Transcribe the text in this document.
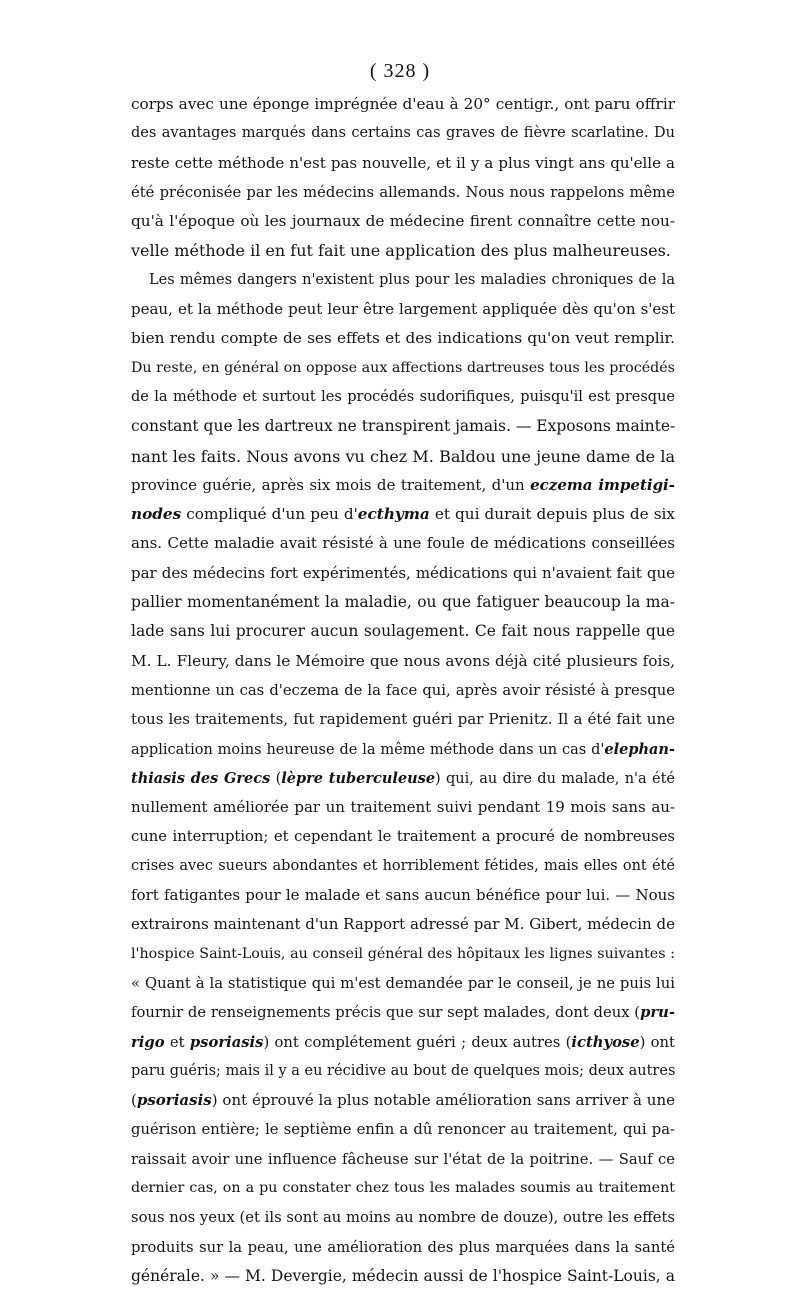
( 328 )
corps avec une éponge imprégnée d'eau à 20° centigr., ont paru offrir
des avantages marqués dans certains cas graves de fièvre scarlatine. Du
reste cette méthode n'est pas nouvelle, et il y a plus vingt ans qu'elle a
été préconisée par les médecins allemands. Nous nous rappelons même
qu'à l'époque où les journaux de médecine firent connaître cette nou-
velle méthode il en fut fait une application des plus malheureuses.
Les mêmes dangers n'existent plus pour les maladies chroniques de la
peau, et la méthode peut leur être largement appliquée dès qu'on s'est
bien rendu compte de ses effets et des indications qu'on veut remplir.
Du reste, en général on oppose aux affections dartreuses tous les procédés
de la méthode et surtout les procédés sudorifiques, puisqu'il est presque
constant que les dartreux ne transpirent jamais. — Exposons mainte-
nant les faits. Nous avons vu chez M. Baldou une jeune dame de la
province guérie, après six mois de traitement, d'un eczema impetigi-
nodes compliqué d'un peu d'ecthyma et qui durait depuis plus de six
ans. Cette maladie avait résisté à une foule de médications conseillées
par des médecins fort expérimentés, médications qui n'avaient fait que
pallier momentanément la maladie, ou que fatiguer beaucoup la ma-
lade sans lui procurer aucun soulagement. Ce fait nous rappelle que
M. L. Fleury, dans le Mémoire que nous avons déjà cité plusieurs fois,
mentionne un cas d'eczema de la face qui, après avoir résisté à presque
tous les traitements, fut rapidement guéri par Prienitz. Il a été fait une
application moins heureuse de la même méthode dans un cas d'elephan-
thiasis des Grecs (lèpre tuberculeuse) qui, au dire du malade, n'a été
nullement améliorée par un traitement suivi pendant 19 mois sans au-
cune interruption; et cependant le traitement a procuré de nombreuses
crises avec sueurs abondantes et horriblement fétides, mais elles ont été
fort fatigantes pour le malade et sans aucun bénéfice pour lui. — Nous
extrairons maintenant d'un Rapport adressé par M. Gibert, médecin de
l'hospice Saint-Louis, au conseil général des hôpitaux les lignes suivantes :
« Quant à la statistique qui m'est demandée par le conseil, je ne puis lui
fournir de renseignements précis que sur sept malades, dont deux (pru-
rigo et psoriasis) ont complétement guéri ; deux autres (icthyose) ont
paru guéris; mais il y a eu récidive au bout de quelques mois; deux autres
(psoriasis) ont éprouvé la plus notable amélioration sans arriver à une
guérison entière; le septième enfin a dû renoncer au traitement, qui pa-
raissait avoir une influence fâcheuse sur l'état de la poitrine. — Sauf ce
dernier cas, on a pu constater chez tous les malades soumis au traitement
sous nos yeux (et ils sont au moins au nombre de douze), outre les effets
produits sur la peau, une amélioration des plus marquées dans la santé
générale. » — M. Devergie, médecin aussi de l'hospice Saint-Louis, a
